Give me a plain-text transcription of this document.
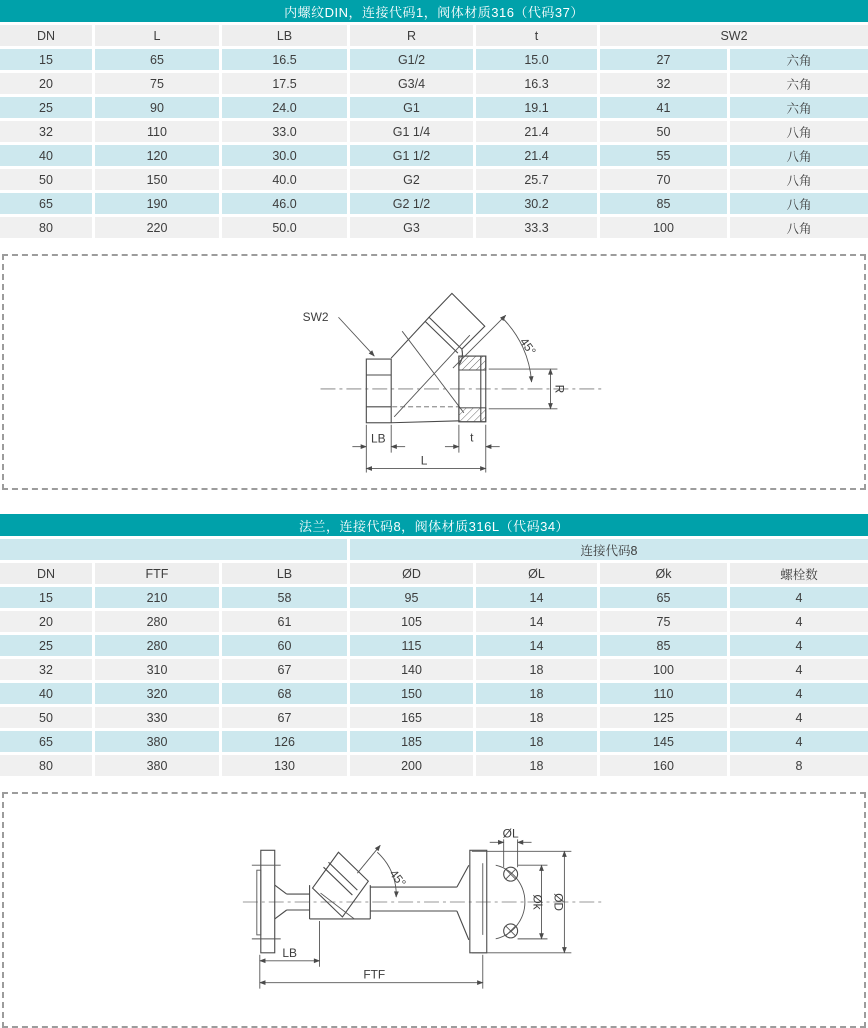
内螺纹DIN，连接代码1，阀体材质316（代码37）
DN	L	LB	R	t	SW2	
15	65	16.5	G1/2	15.0	27	六角
20	75	17.5	G3/4	16.3	32	六角
25	90	24.0	G1	19.1	41	六角
32	110	33.0	G1 1/4	21.4	50	八角
40	120	30.0	G1 1/2	21.4	55	八角
50	150	40.0	G2	25.7	70	八角
65	190	46.0	G2 1/2	30.2	85	八角
80	220	50.0	G3	33.3	100	八角
SW2
45°
R
LB	t
L
法兰，连接代码8，阀体材质316L（代码34）
			连接代码8			
DN	FTF	LB	ØD	ØL	Øk	螺栓数
15	210	58	95	14	65	4
20	280	61	105	14	75	4
25	280	60	115	14	85	4
32	310	67	140	18	100	4
40	320	68	150	18	110	4
50	330	67	165	18	125	4
65	380	126	185	18	145	4
80	380	130	200	18	160	8
ØL
Øk ØD
45°
LB
FTF
